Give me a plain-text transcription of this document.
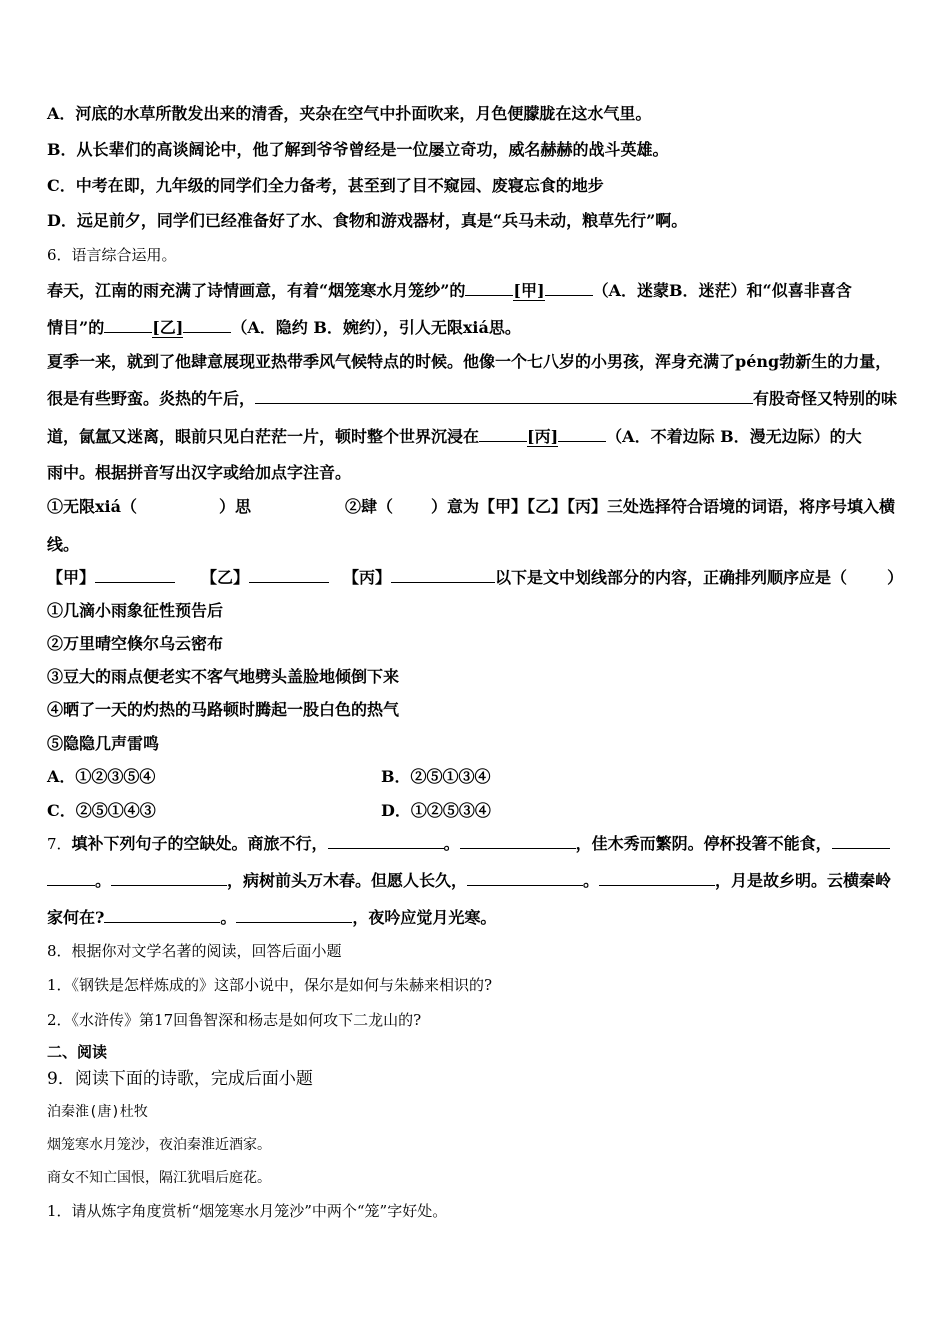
A．河底的水草所散发出来的清香，夹杂在空气中扑面吹来，月色便朦胧在这水气里。
B．从长辈们的高谈阔论中，他了解到爷爷曾经是一位屡立奇功，威名赫赫的战斗英雄。
C．中考在即，九年级的同学们全力备考，甚至到了目不窥园、废寝忘食的地步
D．远足前夕，同学们已经准备好了水、食物和游戏器材，真是“兵马未动，粮草先行”啊。
6．语言综合运用。
春天，江南的雨充满了诗情画意，有着“烟笼寒水月笼纱”的	[甲]	（A．迷蒙B．迷茫）和“似喜非喜含
情目”的	[乙]	（A．隐约 B．婉约），引人无限xiá思。
夏季一来，就到了他肆意展现亚热带季风气候特点的时候。他像一个七八岁的小男孩，浑身充满了péng勃新生的力量，
很是有些野蛮。炎热的午后，	有股奇怪又特别的味
道，氤氲又迷离，眼前只见白茫茫一片，顿时整个世界沉浸在	[丙]	（A．不着边际 B．漫无边际）的大
雨中。根据拼音写出汉字或给加点字注音。
①无限xiá（	）思	②肆（ ）意为【甲】【乙】【丙】三处选择符合语境的词语，将序号填入横
线。
【甲】	【乙】	【丙】	以下是文中划线部分的内容，正确排列顺序应是（	）
①几滴小雨象征性预告后
②万里晴空倏尔乌云密布
③豆大的雨点便老实不客气地劈头盖脸地倾倒下来
④晒了一天的灼热的马路顿时腾起一股白色的热气
⑤隐隐几声雷鸣
A．①②③⑤④	B．②⑤①③④
C．②⑤①④③	D．①②⑤③④
7．填补下列句子的空缺处。商旅不行，	。	，佳木秀而繁阴。停杯投箸不能食，
。	，病树前头万木春。但愿人长久，	。	，月是故乡明。云横秦岭
家何在?	。	，夜吟应觉月光寒。
8．根据你对文学名著的阅读，回答后面小题
1．《钢铁是怎样炼成的》这部小说中，保尔是如何与朱赫来相识的?
2．《水浒传》第17回鲁智深和杨志是如何攻下二龙山的?
二、阅读
9．阅读下面的诗歌，完成后面小题
泊秦淮(唐)杜牧
烟笼寒水月笼沙，夜泊秦淮近酒家。
商女不知亡国恨，隔江犹唱后庭花。
1．请从炼字角度赏析“烟笼寒水月笼沙”中两个“笼”字好处。
